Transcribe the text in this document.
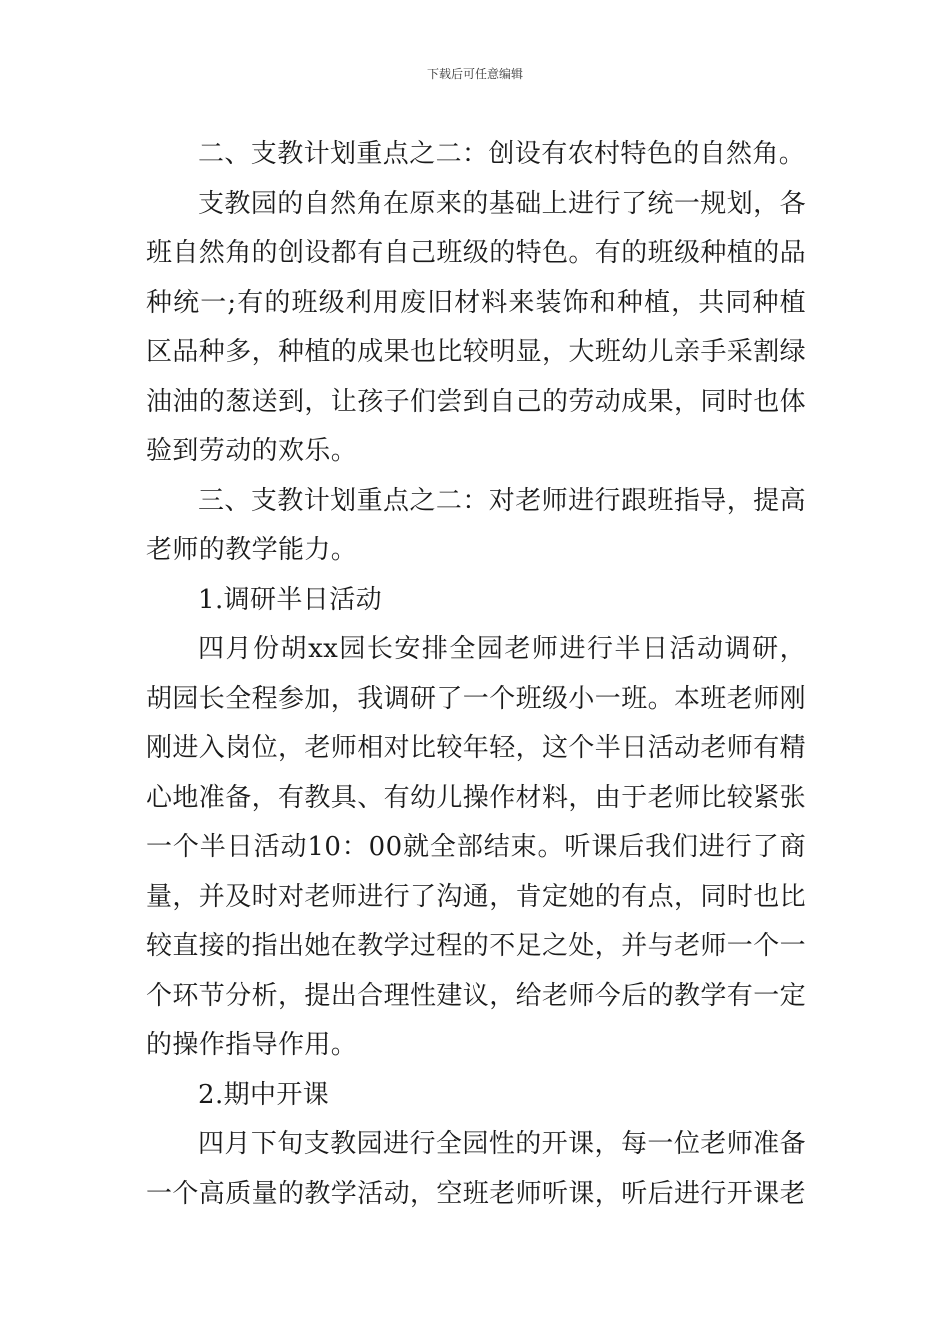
下载后可任意编辑

二、支教计划重点之二：创设有农村特色的自然角。

支教园的自然角在原来的基础上进行了统一规划，各班自然角的创设都有自己班级的特色。有的班级种植的品种统一;有的班级利用废旧材料来装饰和种植，共同种植区品种多，种植的成果也比较明显，大班幼儿亲手采割绿油油的葱送到，让孩子们尝到自己的劳动成果，同时也体验到劳动的欢乐。

三、支教计划重点之二：对老师进行跟班指导，提高老师的教学能力。

1.调研半日活动

四月份胡xx园长安排全园老师进行半日活动调研，胡园长全程参加，我调研了一个班级小一班。本班老师刚刚进入岗位，老师相对比较年轻，这个半日活动老师有精心地准备，有教具、有幼儿操作材料，由于老师比较紧张一个半日活动10：00就全部结束。听课后我们进行了商量，并及时对老师进行了沟通，肯定她的有点，同时也比较直接的指出她在教学过程的不足之处，并与老师一个一个环节分析，提出合理性建议，给老师今后的教学有一定的操作指导作用。

2.期中开课

四月下旬支教园进行全园性的开课，每一位老师准备一个高质量的教学活动，空班老师听课，听后进行开课老
